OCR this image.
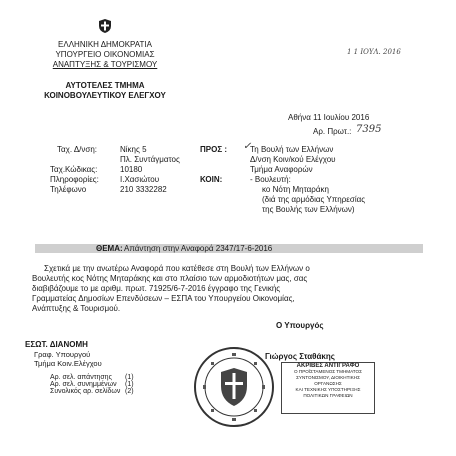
ΕΛΛΗΝΙΚΗ ΔΗΜΟΚΡΑΤΙΑ
ΥΠΟΥΡΓΕΙΟ ΟΙΚΟΝΟΜΙΑΣ
ΑΝΑΠΤΥΞΗΣ & ΤΟΥΡΙΣΜΟΥ
ΑΥΤΟΤΕΛΕΣ ΤΜΗΜΑ
ΚΟΙΝΟΒΟΥΛΕΥΤΙΚΟΥ ΕΛΕΓΧΟΥ
1 1 ΙΟΥΛ. 2016
Αθήνα 11 Ιουλίου 2016
Αρ. Πρωτ.: 7395
Ταχ. Δ/νση:	Νίκης 5
Πλ. Συντάγματος
Ταχ.Κώδικας:	10180
Πληροφορίες:	Ι.Χασιώτου
Τηλέφωνο	210 3332282
ΠΡΟΣ : ✓
Τη Βουλή των Ελλήνων
Δ/νση Κοιν/κού Ελέγχου
Τμήμα Αναφορών
ΚΟΙΝ:	- Βουλευτή:
κο Νότη Μηταράκη
(διά της αρμόδιας Υπηρεσίας
της Βουλής των Ελλήνων)
ΘΕΜΑ: Απάντηση στην Αναφορά 2347/17-6-2016
Σχετικά με την ανωτέρω Αναφορά που κατέθεσε στη Βουλή των Ελλήνων ο
Βουλευτής κος Νότης Μηταράκης και στο πλαίσιο των αρμοδιοτήτων μας, σας
διαβιβάζουμε το με αριθμ. πρωτ. 71925/6-7-2016 έγγραφο της Γενικής
Γραμματείας Δημοσίων Επενδύσεων – ΕΣΠΑ του Υπουργείου Οικονομίας,
Ανάπτυξης & Τουρισμού.
Ο Υπουργός
Γιώργος Σταθάκης
ΕΣΩΤ. ΔΙΑΝΟΜΗ
Γραφ. Υπουργού
Τμήμα Κοιν.Ελέγχου
Αρ. σελ. απάντησης (1)
Αρ. σελ. συνημμένων (1)
Συνολικός αρ. σελίδων (2)
ΑΚΡΙΒΕΣ ΑΝΤΙΓΡΑΦΟ
Ο ΠΡΟΪΣΤΑΜΕΝΟΣ ΤΜΗΜΑΤΟΣ
ΣΥΝΤΟΝΙΣΜΟΥ, ΔΙΟΙΚΗΤΙΚΗΣ ΟΡΓΑΝΩΣΗΣ
ΚΑΙ ΤΕΧΝΙΚΗΣ ΥΠΟΣΤΗΡΙΞΗΣ
ΠΟΛΙΤΙΚΩΝ ΓΡΑΦΕΙΩΝ
